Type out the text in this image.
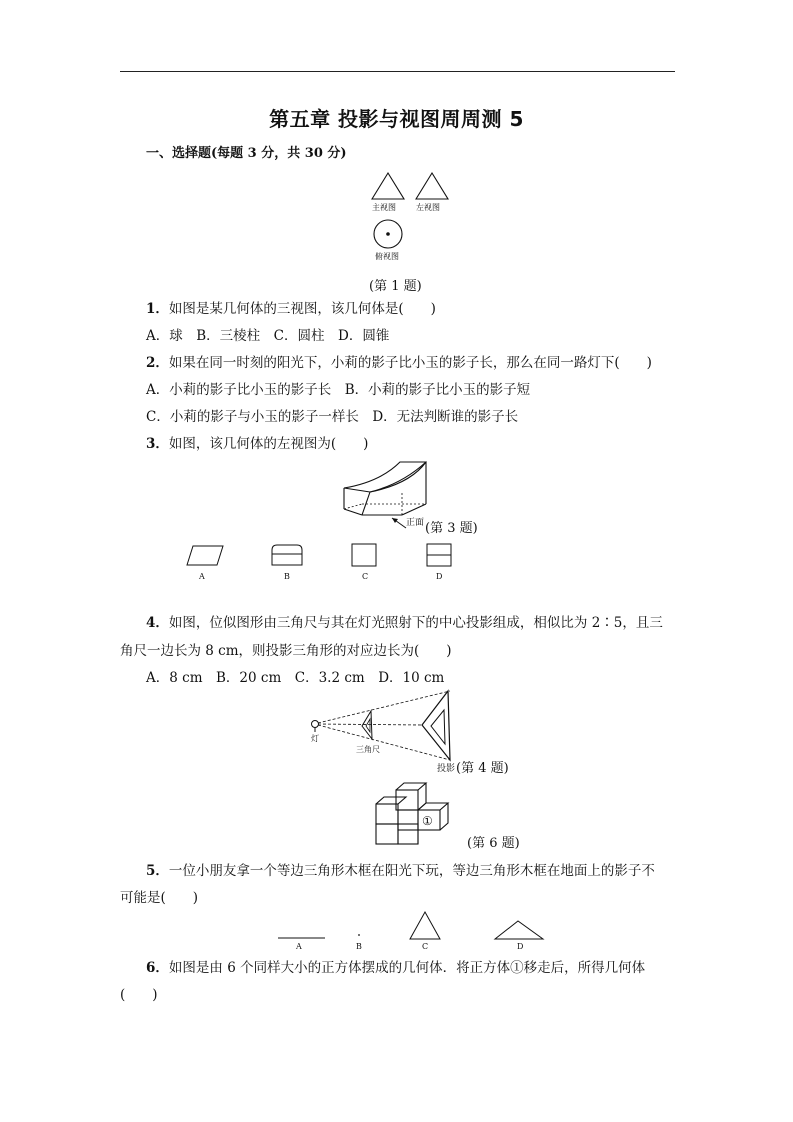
第五章 投影与视图周周测 5
一、选择题(每题 3 分，共 30 分)
主视图	左视图
俯视图
(第 1 题)
1．如图是某几何体的三视图，该几何体是(　　)
A．球　B．三棱柱　C．圆柱　D．圆锥
2．如果在同一时刻的阳光下，小莉的影子比小玉的影子长，那么在同一路灯下(　　)
A．小莉的影子比小玉的影子长　B．小莉的影子比小玉的影子短
C．小莉的影子与小玉的影子一样长　D．无法判断谁的影子长
3．如图，该几何体的左视图为(　　)
正面 (第 3 题)
A	B	C	D
4．如图，位似图形由三角尺与其在灯光照射下的中心投影组成，相似比为 2∶5，且三
角尺一边长为 8 cm，则投影三角形的对应边长为(　　)
A．8 cm　B．20 cm　C．3.2 cm　D．10 cm
灯
三角尺
投影 (第 4 题)
①
(第 6 题)
5．一位小朋友拿一个等边三角形木框在阳光下玩，等边三角形木框在地面上的影子不
可能是(　　)
A	B	C	D
6．如图是由 6 个同样大小的正方体摆成的几何体．将正方体①移走后，所得几何体
(　　)
